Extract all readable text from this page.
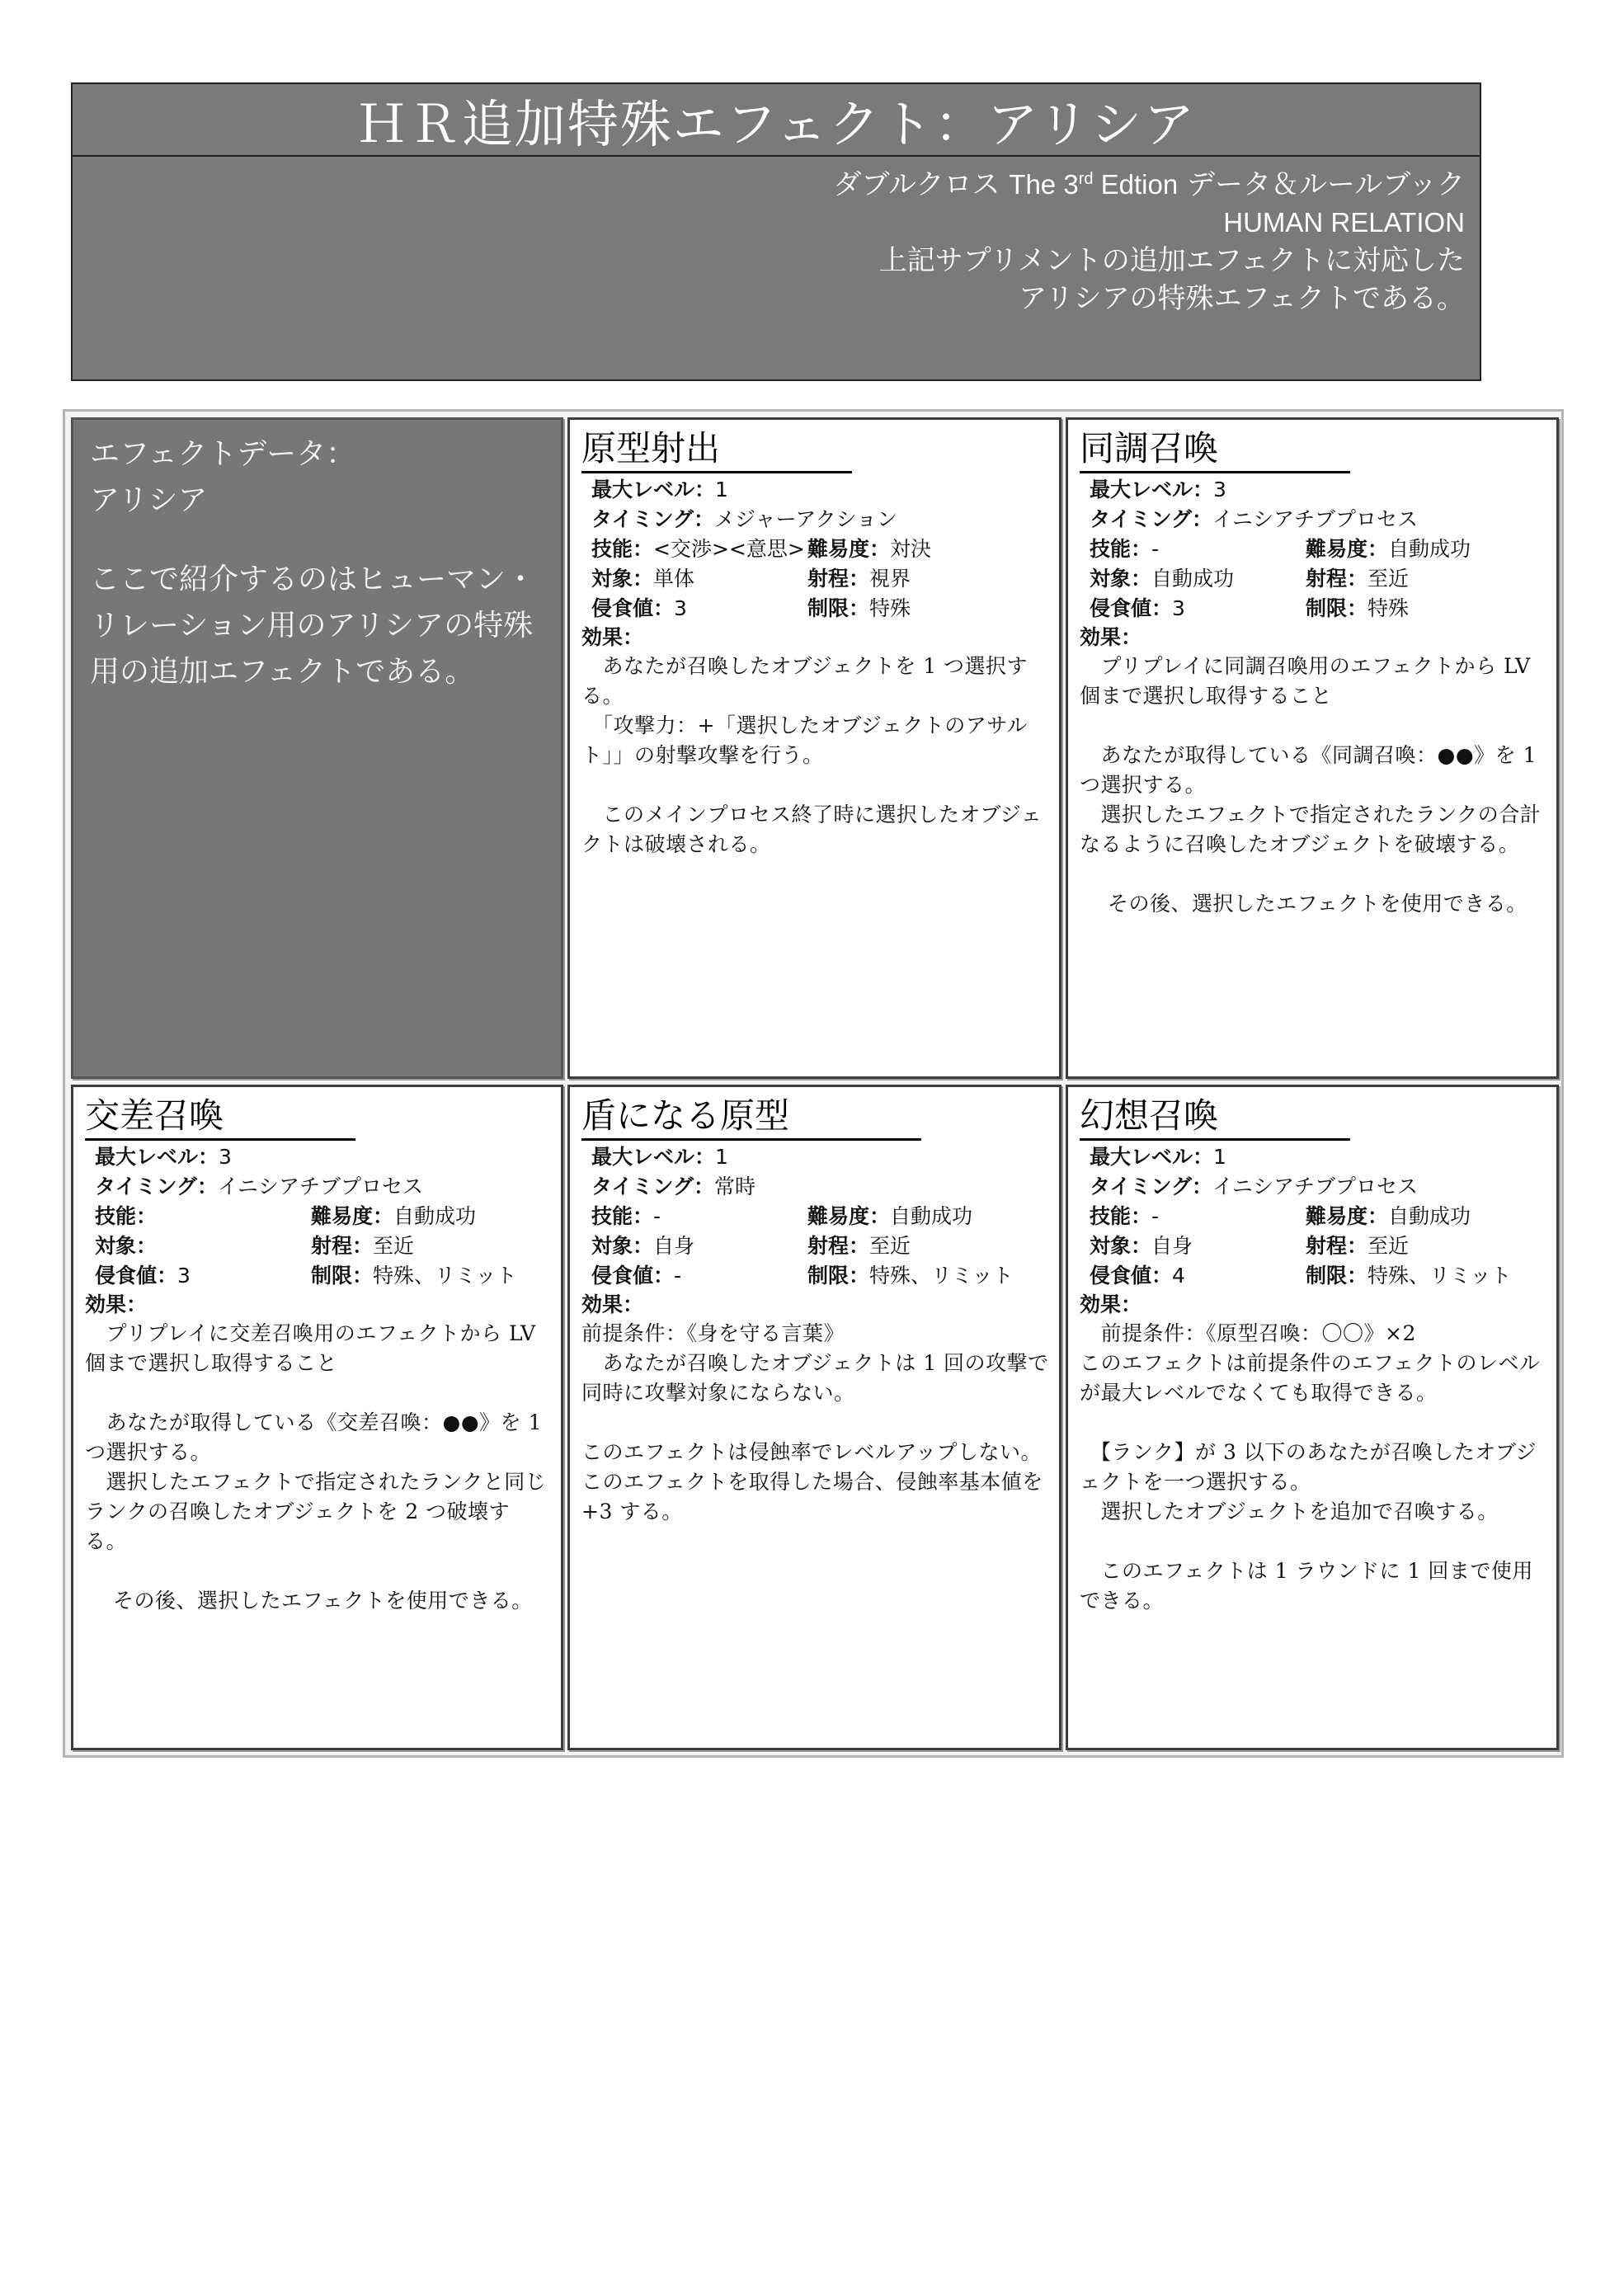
ＨＲ追加特殊エフェクト：アリシア
ダブルクロス The 3rd Edtion データ＆ルールブック
HUMAN RELATION
上記サプリメントの追加エフェクトに対応した
アリシアの特殊エフェクトである。
エフェクトデータ：
アリシア
ここで紹介するのはヒューマン・リレーション用のアリシアの特殊用の追加エフェクトである。
原型射出
最大レベル：1
タイミング：メジャーアクション
技能：<交渉><意思> 難易度：対決
対象：単体	射程：視界
侵食値：3	制限：特殊
効果：

　あなたが召喚したオブジェクトを 1 つ選択する。

　「攻撃力：+「選択したオブジェクトのアサルト」」の射撃攻撃を行う。

　このメインプロセス終了時に選択したオブジェクトは破壊される。

同調召喚
最大レベル：3
タイミング：イニシアチブプロセス
技能：-	難易度：自動成功
対象：自動成功	射程：至近
侵食値：3	制限：特殊
効果：

　プリプレイに同調召喚用のエフェクトから LV 個まで選択し取得すること

　あなたが取得している《同調召喚：●●》を 1 つ選択する。

　選択したエフェクトで指定されたランクの合計なるように召喚したオブジェクトを破壊する。

　 その後、選択したエフェクトを使用できる。

交差召喚
最大レベル：3
タイミング：イニシアチブプロセス
技能：	難易度：自動成功
対象：	射程：至近
侵食値：3	制限：特殊、リミット
効果：

　プリプレイに交差召喚用のエフェクトから LV 個まで選択し取得すること

　あなたが取得している《交差召喚：●●》を 1 つ選択する。

　選択したエフェクトで指定されたランクと同じランクの召喚したオブジェクトを 2 つ破壊する。

　 その後、選択したエフェクトを使用できる。

盾になる原型
最大レベル：1
タイミング：常時
技能：-	難易度：自動成功
対象：自身	射程：至近
侵食値：-	制限：特殊、リミット
効果：

前提条件：《身を守る言葉》

　あなたが召喚したオブジェクトは 1 回の攻撃で同時に攻撃対象にならない。

このエフェクトは侵蝕率でレベルアップしない。このエフェクトを取得した場合、侵蝕率基本値を+3 する。

幻想召喚
最大レベル：1
タイミング：イニシアチブプロセス
技能：-	難易度：自動成功
対象：自身	射程：至近
侵食値：4	制限：特殊、リミット
効果：

　前提条件：《原型召喚：〇〇》×2

このエフェクトは前提条件のエフェクトのレベルが最大レベルでなくても取得できる。

　【ランク】が 3 以下のあなたが召喚したオブジェクトを一つ選択する。

　選択したオブジェクトを追加で召喚する。

　このエフェクトは 1 ラウンドに 1 回まで使用できる。
